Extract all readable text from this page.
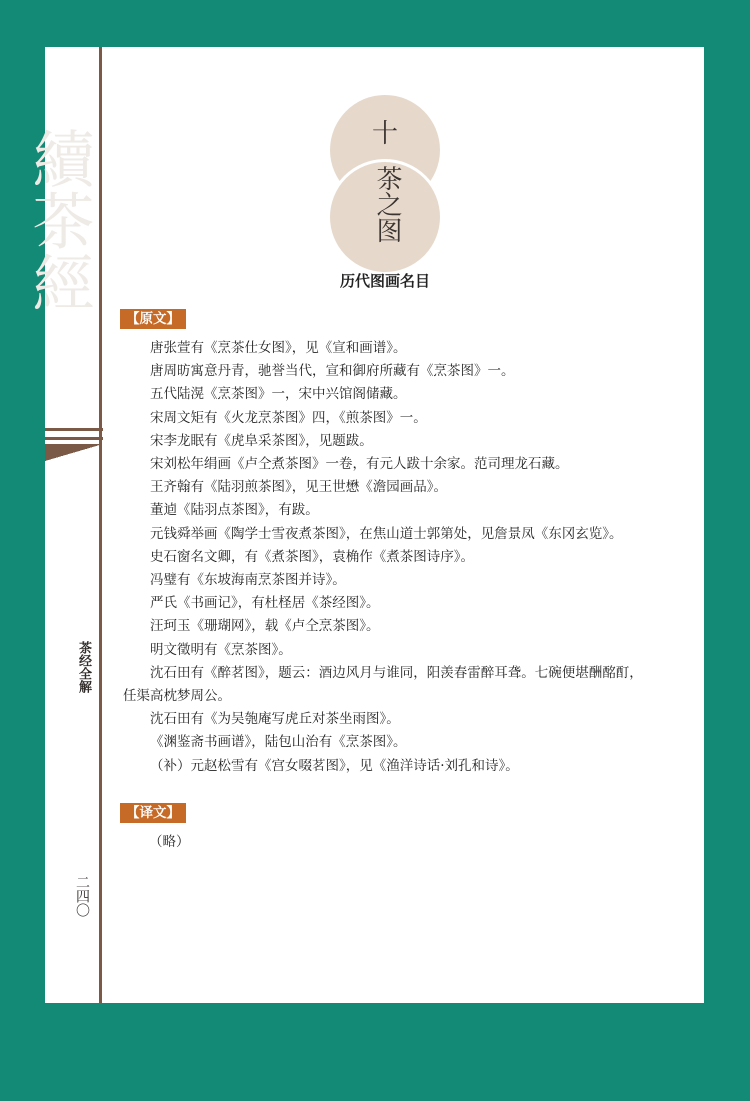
續茶經
茶经全解
二四〇
十
茶之图
历代图画名目
【原文】

唐张萱有《烹茶仕女图》，见《宣和画谱》。

唐周昉寓意丹青，驰誉当代，宣和御府所藏有《烹茶图》一。

五代陆滉《烹茶图》一，宋中兴馆阁储藏。

宋周文矩有《火龙烹茶图》四，《煎茶图》一。

宋李龙眠有《虎阜采茶图》，见题跋。

宋刘松年绢画《卢仝煮茶图》一卷，有元人跋十余家。范司理龙石藏。

王齐翰有《陆羽煎茶图》，见王世懋《澹园画品》。

董逌《陆羽点茶图》，有跋。

元钱舜举画《陶学士雪夜煮茶图》，在焦山道士郭第处，见詹景凤《东冈玄览》。

史石窗名文卿，有《煮茶图》，袁桷作《煮茶图诗序》。

冯璧有《东坡海南烹茶图并诗》。

严氏《书画记》，有杜柽居《茶经图》。

汪珂玉《珊瑚网》，载《卢仝烹茶图》。

明文徵明有《烹茶图》。

沈石田有《醉茗图》，题云：酒边风月与谁同，阳羡春雷醉耳聋。七碗便堪酬酩酊，任渠高枕梦周公。

沈石田有《为吴匏庵写虎丘对茶坐雨图》。

《渊鉴斋书画谱》，陆包山治有《烹茶图》。

（补）元赵松雪有《宫女啜茗图》，见《渔洋诗话·刘孔和诗》。

【译文】
（略）
